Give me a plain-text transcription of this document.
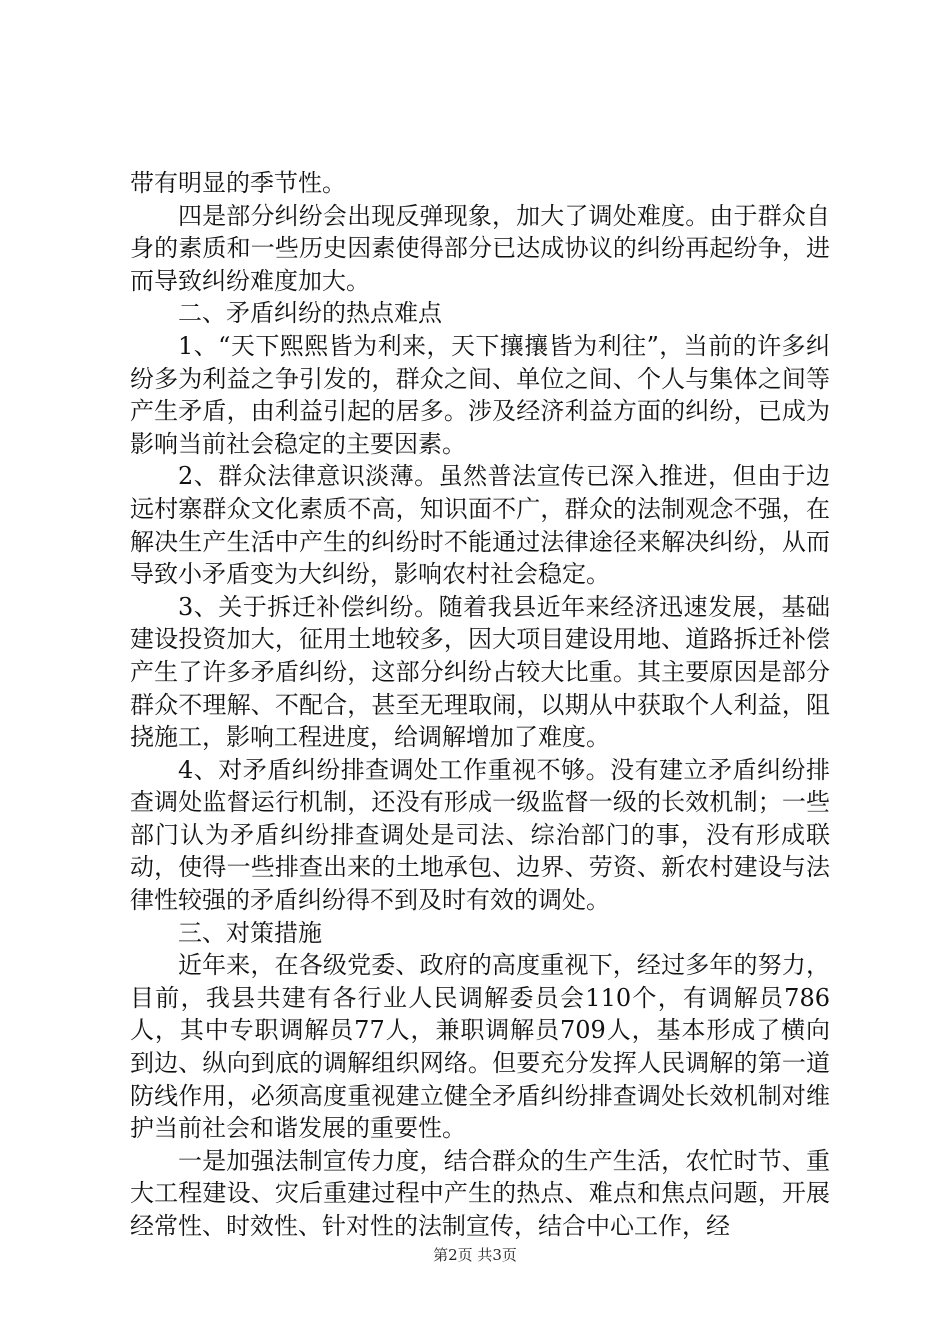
带有明显的季节性。

四是部分纠纷会出现反弹现象，加大了调处难度。由于群众自身的素质和一些历史因素使得部分已达成协议的纠纷再起纷争，进而导致纠纷难度加大。

二、矛盾纠纷的热点难点

1、“天下熙熙皆为利来，天下攘攘皆为利往”，当前的许多纠纷多为利益之争引发的，群众之间、单位之间、个人与集体之间等产生矛盾，由利益引起的居多。涉及经济利益方面的纠纷，已成为影响当前社会稳定的主要因素。

2、群众法律意识淡薄。虽然普法宣传已深入推进，但由于边远村寨群众文化素质不高，知识面不广，群众的法制观念不强，在解决生产生活中产生的纠纷时不能通过法律途径来解决纠纷，从而导致小矛盾变为大纠纷，影响农村社会稳定。

3、关于拆迁补偿纠纷。随着我县近年来经济迅速发展，基础建设投资加大，征用土地较多，因大项目建设用地、道路拆迁补偿产生了许多矛盾纠纷，这部分纠纷占较大比重。其主要原因是部分群众不理解、不配合，甚至无理取闹，以期从中获取个人利益，阻挠施工，影响工程进度，给调解增加了难度。

4、对矛盾纠纷排查调处工作重视不够。没有建立矛盾纠纷排查调处监督运行机制，还没有形成一级监督一级的长效机制；一些部门认为矛盾纠纷排查调处是司法、综治部门的事，没有形成联动，使得一些排查出来的土地承包、边界、劳资、新农村建设与法律性较强的矛盾纠纷得不到及时有效的调处。

三、对策措施

近年来，在各级党委、政府的高度重视下，经过多年的努力，目前，我县共建有各行业人民调解委员会110个，有调解员786人，其中专职调解员77人，兼职调解员709人，基本形成了横向到边、纵向到底的调解组织网络。但要充分发挥人民调解的第一道防线作用，必须高度重视建立健全矛盾纠纷排查调处长效机制对维护当前社会和谐发展的重要性。

一是加强法制宣传力度，结合群众的生产生活，农忙时节、重大工程建设、灾后重建过程中产生的热点、难点和焦点问题，开展经常性、时效性、针对性的法制宣传，结合中心工作，经

第2页 共3页
